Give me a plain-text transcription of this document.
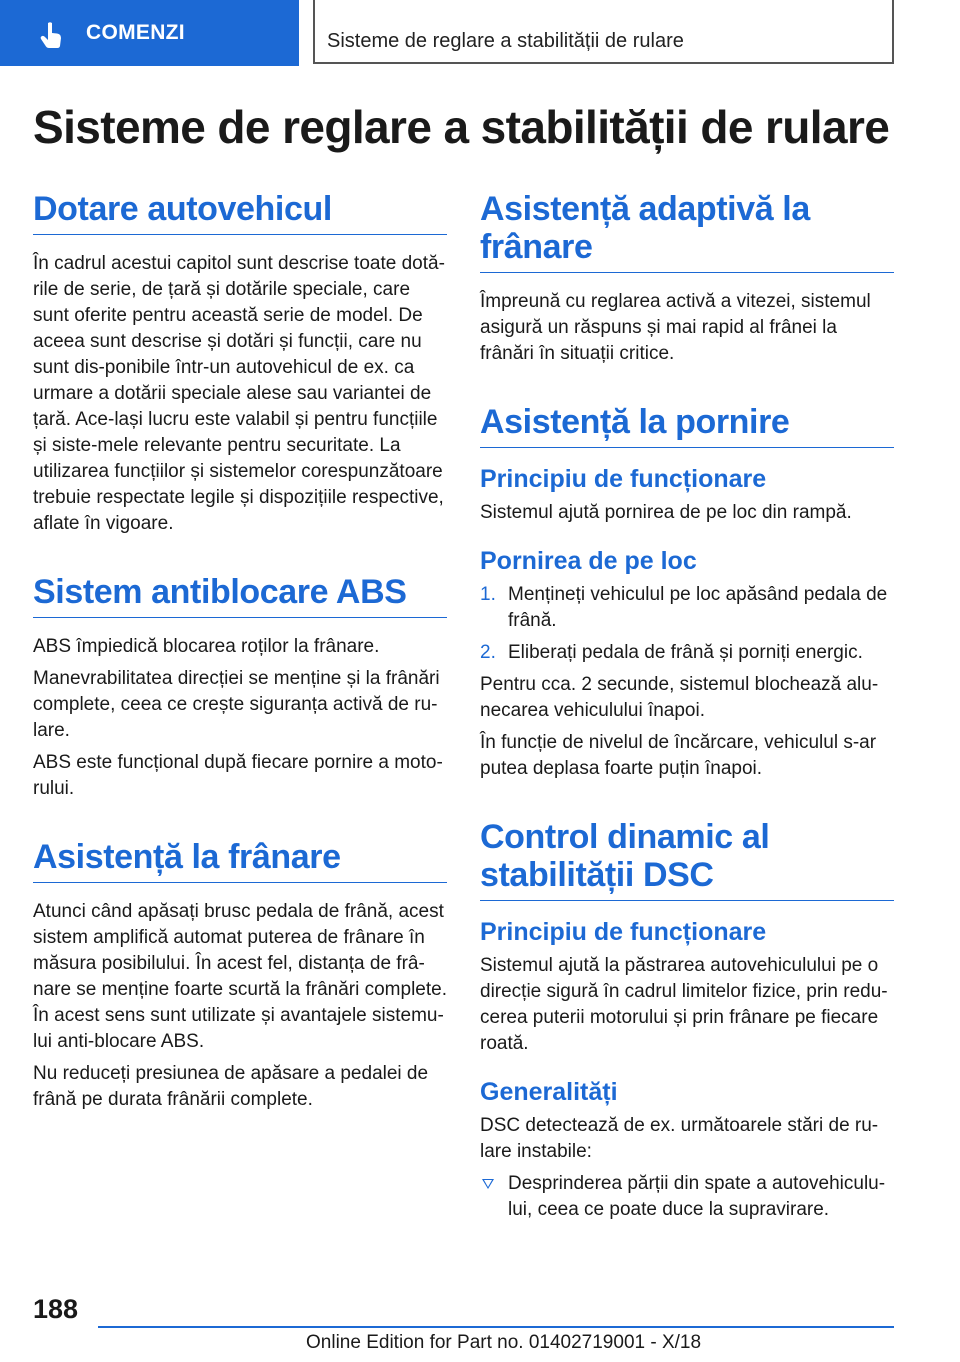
COMENZI	Sisteme de reglare a stabilității de rulare
Sisteme de reglare a stabilității de rulare
Dotare autovehicul

În cadrul acestui capitol sunt descrise toate dotă-rile de serie, de țară și dotările speciale, care sunt oferite pentru această serie de model. De aceea sunt descrise și dotări și funcții, care nu sunt dis-ponibile într-un autovehicul de ex. ca urmare a dotării speciale alese sau variantei de țară. Ace-lași lucru este valabil și pentru funcțiile și siste-mele relevante pentru securitate. La utilizarea funcțiilor și sistemelor corespunzătoare trebuie respectate legile și dispozițiile respective, aflate în vigoare.

Sistem antiblocare ABS

ABS împiedică blocarea roților la frânare.

Manevrabilitatea direcției se menține și la frânări complete, ceea ce crește siguranța activă de ru-lare.

ABS este funcțional după fiecare pornire a moto-rului.

Asistență la frânare

Atunci când apăsați brusc pedala de frână, acest sistem amplifică automat puterea de frânare în măsura posibilului. În acest fel, distanța de frâ-nare se menține foarte scurtă la frânări complete. În acest sens sunt utilizate și avantajele sistemu-lui anti-blocare ABS.

Nu reduceți presiunea de apăsare a pedalei de frână pe durata frânării complete.

Asistență adaptivă la frânare

Împreună cu reglarea activă a vitezei, sistemul asigură un răspuns și mai rapid al frânei la frânări în situații critice.

Asistență la pornire
Principiu de funcționare

Sistemul ajută pornirea de pe loc din rampă.

Pornirea de pe loc
1. Mențineți vehiculul pe loc apăsând pedala de frână.
2. Eliberați pedala de frână și porniți energic.

Pentru cca. 2 secunde, sistemul blochează alu-necarea vehiculului înapoi.

În funcție de nivelul de încărcare, vehiculul s-ar putea deplasa foarte puțin înapoi.

Control dinamic al stabilității DSC
Principiu de funcționare

Sistemul ajută la păstrarea autovehiculului pe o direcție sigură în cadrul limitelor fizice, prin redu-cerea puterii motorului și prin frânare pe fiecare roată.

Generalități

DSC detectează de ex. următoarele stări de ru-lare instabile:

Desprinderea părții din spate a autovehiculu-lui, ceea ce poate duce la supravirare.
188
Online Edition for Part no. 01402719001 - X/18
